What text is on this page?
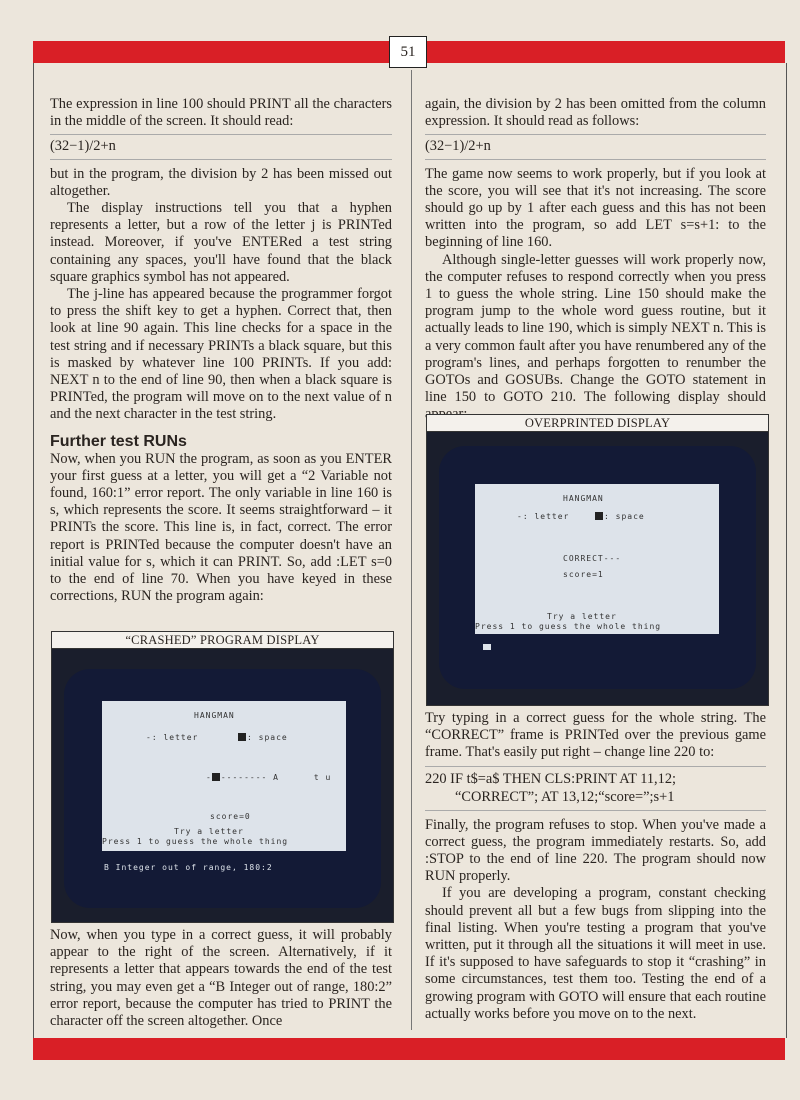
51

The expression in line 100 should PRINT all the characters in the middle of the screen. It should read:

(32−1)/2+n

but in the program, the division by 2 has been missed out altogether.

The display instructions tell you that a hyphen represents a letter, but a row of the letter j is PRINTed instead. Moreover, if you've ENTERed a test string containing any spaces, you'll have found that the black square graphics symbol has not appeared.

The j-line has appeared because the programmer forgot to press the shift key to get a hyphen. Correct that, then look at line 90 again. This line checks for a space in the test string and if necessary PRINTs a black square, but this is masked by whatever line 100 PRINTs. If you add: NEXT n to the end of line 90, then when a black square is PRINTed, the program will move on to the next value of n and the next character in the test string.

Further test RUNs

Now, when you RUN the program, as soon as you ENTER your first guess at a letter, you will get a “2 Variable not found, 160:1” error report. The only variable in line 160 is s, which represents the score. It seems straightforward – it PRINTs the score. This line is, in fact, correct. The error report is PRINTed because the computer doesn't have an initial value for s, which it can PRINT. So, add :LET s=0 to the end of line 70. When you have keyed in these corrections, RUN the program again:

“CRASHED” PROGRAM DISPLAY
HANGMAN
-: letter	: space
- -------- A      t u
score=0
Try a letter
Press 1 to guess the whole thing
B Integer out of range, 180:2

Now, when you type in a correct guess, it will probably appear to the right of the screen. Alternatively, if it represents a letter that appears towards the end of the test string, you may even get a “B Integer out of range, 180:2” error report, because the computer has tried to PRINT the character off the screen altogether. Once

again, the division by 2 has been omitted from the column expression. It should read as follows:

(32−1)/2+n

The game now seems to work properly, but if you look at the score, you will see that it's not increasing. The score should go up by 1 after each guess and this has not been written into the program, so add LET s=s+1: to the beginning of line 160.

Although single-letter guesses will work properly now, the computer refuses to respond correctly when you press 1 to guess the whole string. Line 150 should make the program jump to the whole word guess routine, but it actually leads to line 190, which is simply NEXT n. This is a very common fault after you have renumbered any of the program's lines, and perhaps forgotten to renumber the GOTOs and GOSUBs. Change the GOTO statement in line 150 to GOTO 210. The following display should

OVERPRINTED DISPLAY
HANGMAN
-: letter	: space
CORRECT---
score=1
Try a letter
Press 1 to guess the whole thing

Try typing in a correct guess for the whole string. The “CORRECT” frame is PRINTed over the previous game frame. That's easily put right – change line 220 to:

220 IF t$=a$ THEN CLS:PRINT AT 11,12;
“CORRECT”; AT 13,12;“score=”;s+1

Finally, the program refuses to stop. When you've made a correct guess, the program immediately restarts. So, add :STOP to the end of line 220. The program should now RUN properly.

If you are developing a program, constant checking should prevent all but a few bugs from slipping into the final listing. When you're testing a program that you've written, put it through all the situations it will meet in use. If it's supposed to have safeguards to stop it “crashing” in some circumstances, test them too. Testing the end of a growing program with GOTO will ensure that each routine actually works before you move on to the next.
